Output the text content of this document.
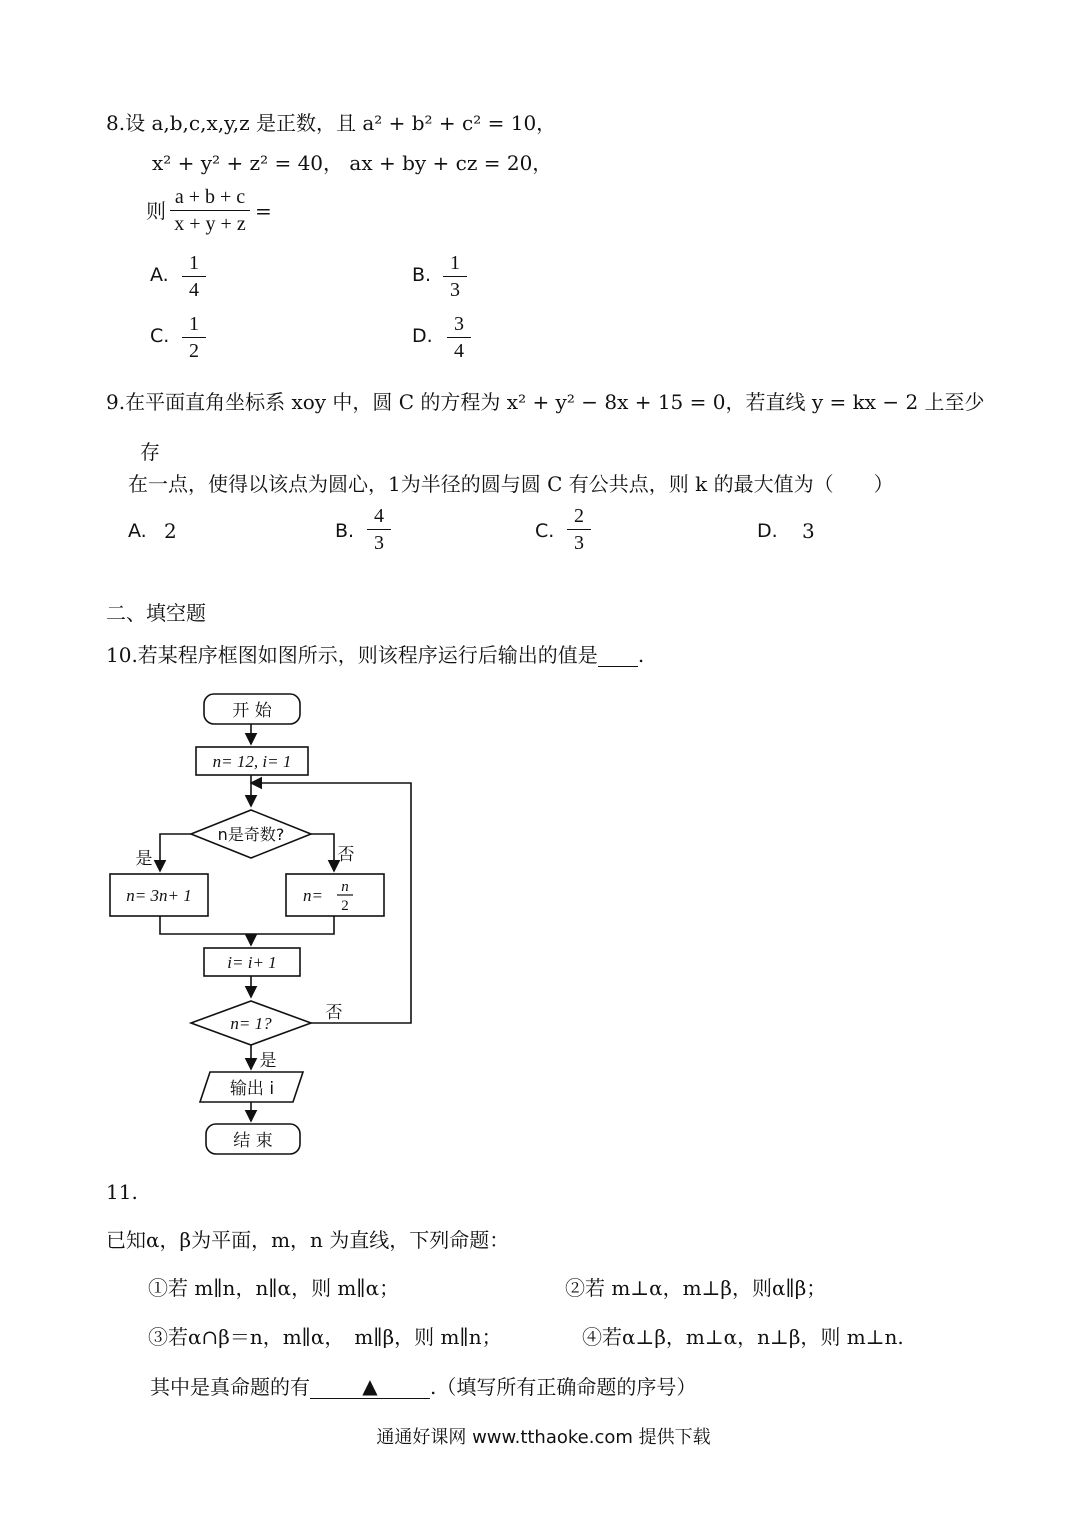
8.设 a,b,c,x,y,z 是正数，且 a² + b² + c² = 10，
x² + y² + z² = 40， ax + by + cz = 20，
则
a + b + c
x + y + z
=
A.
1
4
B.
1
3
C.
1
2
D.
3
4
9.在平面直角坐标系 xoy 中，圆 C 的方程为 x² + y² − 8x + 15 = 0，若直线 y = kx − 2 上至少
存
在一点，使得以该点为圆心，1为半径的圆与圆 C 有公共点，则 k 的最大值为（　　）
A. 2	B.
4
3
C.
2
3
D. 3
二、填空题
10.若某程序框图如图所示，则该程序运行后输出的值是 .
开 始
n= 12, i= 1
n是奇数?
是	否
n= 3n+ 1	n= n
2
i= i+ 1
n= 1?
否
是
输出 i
结 束
11.
已知α，β为平面，m，n 为直线，下列命题：
①若 m∥n，n∥α，则 m∥α；	②若 m⊥α，m⊥β，则α∥β；
③若α∩β＝n，m∥α，　m∥β，则 m∥n；	④若α⊥β，m⊥α，n⊥β，则 m⊥n.
其中是真命题的有	▲	.（填写所有正确命题的序号）
通通好课网 www.tthaoke.com 提供下载
